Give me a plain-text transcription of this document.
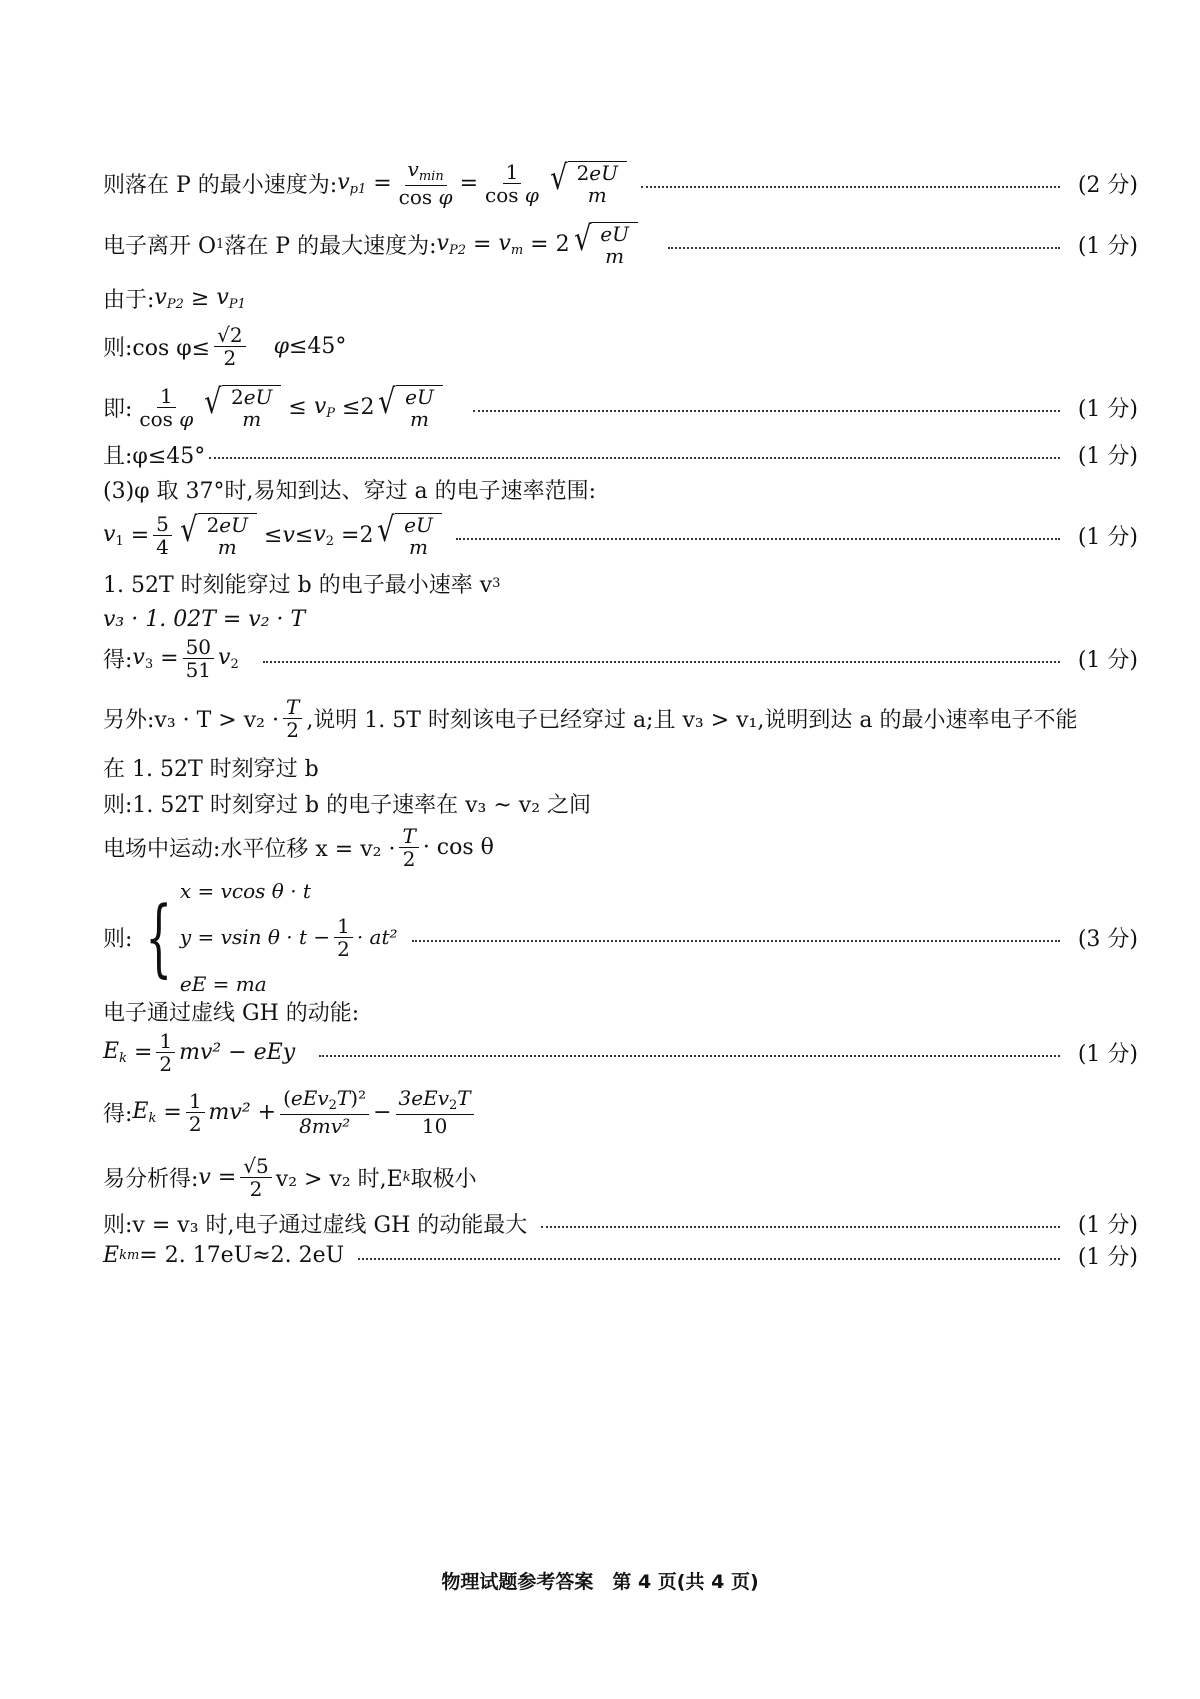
则落在 P 的最小速度为: $v_{p1} = \frac{v_{min}}{\text{cos φ}} = \frac{1}{\text{cos φ}}$ √ 2eU
m	(2 分)
电子离开 O 1 落在 P 的最大速度为: $v_{P2} = v_m = 2$ √ eU
m	(1 分)
由于: $v_{P2} \ge v_{P1}$
则:cos $\varphi\le \frac{√2}{2} \varphi\le 45^\circ$
即: $\frac{1}{\text{cos φ}}$ √ 2eU
$m \le v_P \le 2$ √ eU
m	(1 分)
且:φ≤45°	(1 分)
(3)φ 取 37°时,易知到达、穿过 a 的电子速率范围:
$v_1 = \frac{5}{4}$ √ 2eU
$m \le v \le v_2 =2$ √ eU
m	(1 分)
1. 52T 时刻能穿过 b 的电子最小速率 v 3
v₃ · 1. 02T = v₂ · T
得: $v_3 = \frac{50}{51} v_2$	(1 分)
另外:v₃ · $T > v_2 \cdot \frac{T}{2}$ ,说明 1. 5T 时刻该电子已经穿过 a;且 v₃ > v₁,说明到达 a 的最小速率电子不能
在 1. 52T 时刻穿过 b
则:1. 52T 时刻穿过 b 的电子速率在 v₃ ~ v₂ 之间
电场中运动:水平位移 $x = v_2 \cdot \frac{T}{2} \cdot \cos \theta$
则: { x = vcos θ · t
y = vsin $\theta \cdot t - \frac{1}{2} \cdot at^2$
eE = ma
(3 分)
电子通过虚线 GH 的动能:
$E_k = \frac{1}{2} mv^2$ − eEy	(1 分)
得: $E_k = \frac{1}{2} mv^2 + \frac{(eEv_2T)^2}{\text{8mv²}} - \frac{3eEv_2T}{10}$
易分析得: $v = \frac{√5}{2} v_2 > v_2$ 时,E k 取极小
则:v = v₃ 时,电子通过虚线 GH 的动能最大	(1 分)
E km = 2. 17eU≈2. 2eU	(1 分)
物理试题参考答案　第 4 页(共 4 页)
